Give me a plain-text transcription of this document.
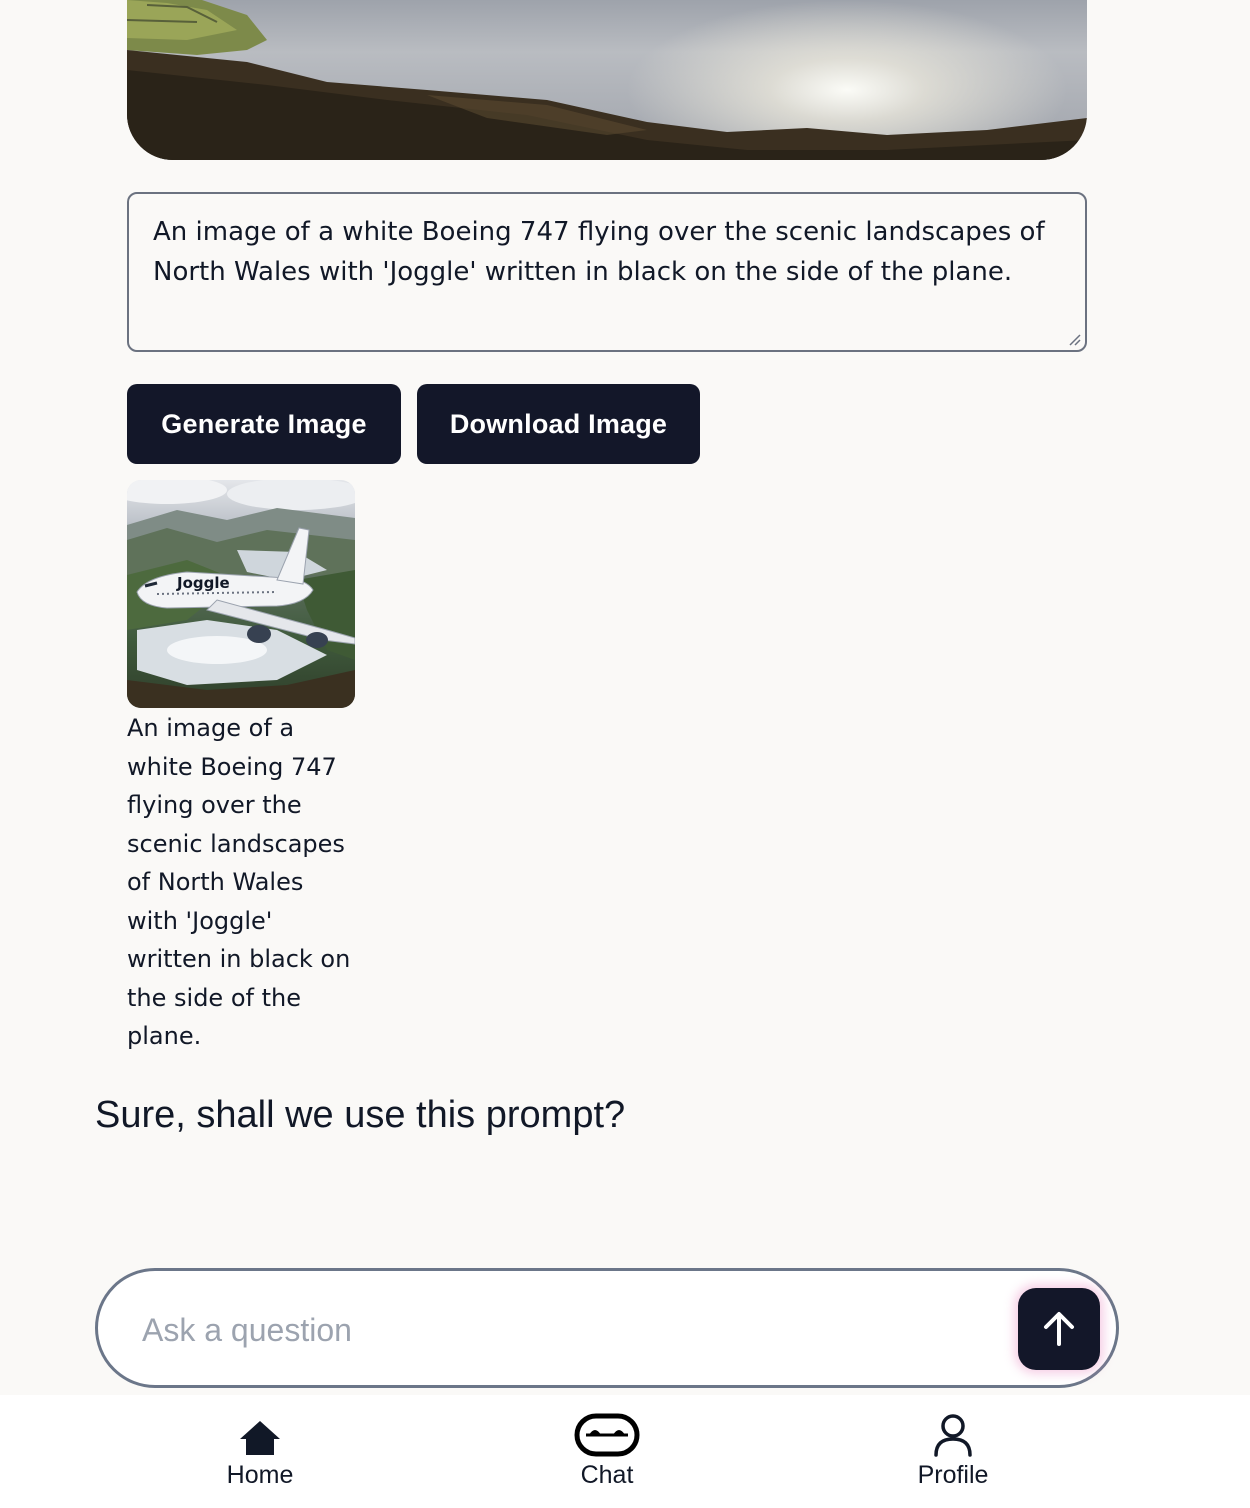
An image of a white Boeing 747 flying over the scenic landscapes of North Wales with 'Joggle' written in black on the side of the plane.
Generate Image	Download Image
Joggle
An image of a white Boeing 747 flying over the scenic landscapes of North Wales with 'Joggle' written in black on the side of the plane.
Sure, shall we use this prompt?
Ask a question
Home	Chat	Profile
